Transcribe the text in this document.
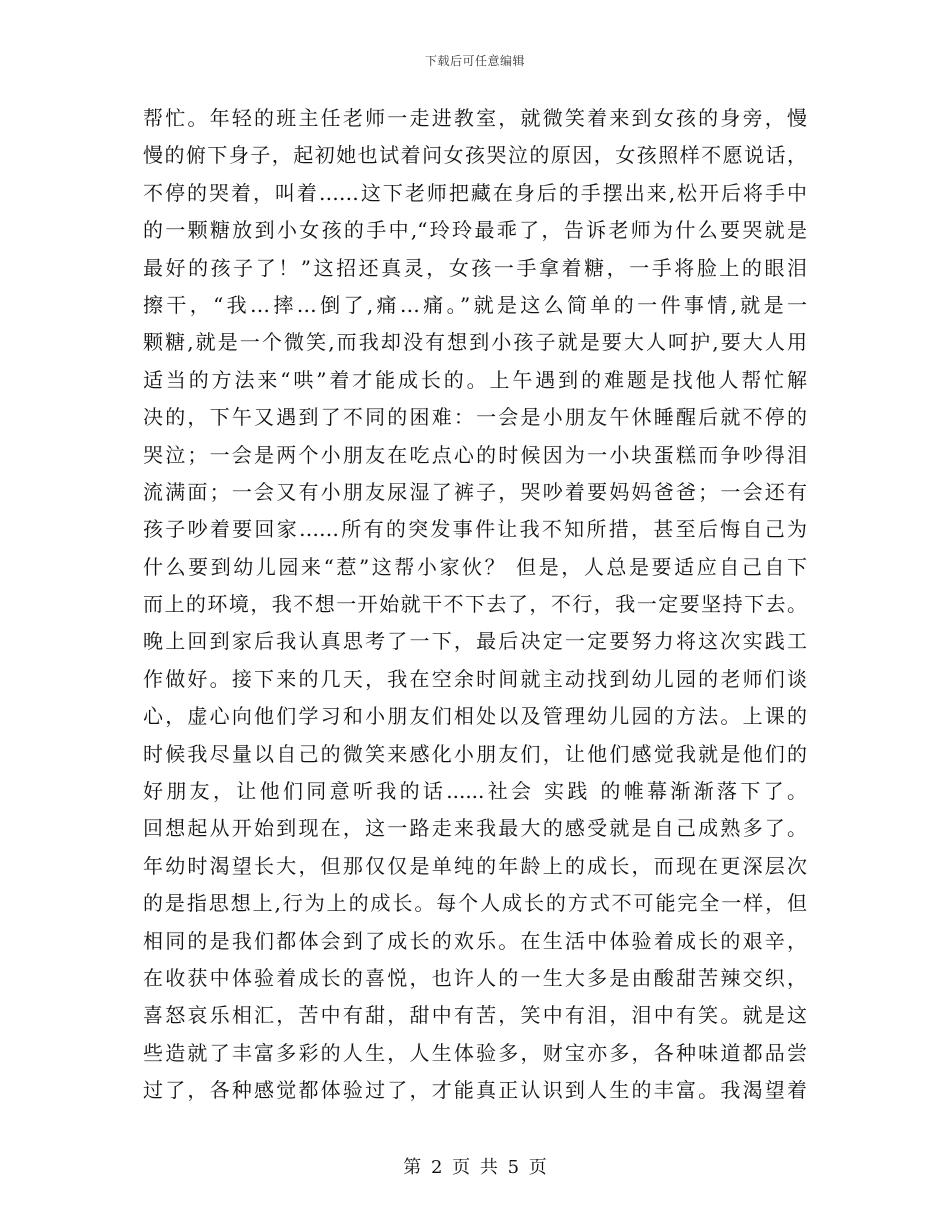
下载后可任意编辑
帮忙。年轻的班主任老师一走进教室，就微笑着来到女孩的身旁，慢
慢的俯下身子，起初她也试着问女孩哭泣的原因，女孩照样不愿说话，
不停的哭着，叫着……这下老师把藏在身后的手摆出来,松开后将手中
的一颗糖放到小女孩的手中,“玲玲最乖了，告诉老师为什么要哭就是
最好的孩子了！”这招还真灵，女孩一手拿着糖，一手将脸上的眼泪
擦干，“我…摔…倒了,痛…痛。”就是这么简单的一件事情,就是一
颗糖,就是一个微笑,而我却没有想到小孩子就是要大人呵护,要大人用
适当的方法来“哄”着才能成长的。上午遇到的难题是找他人帮忙解
决的，下午又遇到了不同的困难：一会是小朋友午休睡醒后就不停的
哭泣；一会是两个小朋友在吃点心的时候因为一小块蛋糕而争吵得泪
流满面；一会又有小朋友尿湿了裤子，哭吵着要妈妈爸爸；一会还有
孩子吵着要回家……所有的突发事件让我不知所措，甚至后悔自己为
什么要到幼儿园来“惹”这帮小家伙？ 但是，人总是要适应自己自下
而上的环境，我不想一开始就干不下去了，不行，我一定要坚持下去。
晚上回到家后我认真思考了一下，最后决定一定要努力将这次实践工
作做好。接下来的几天，我在空余时间就主动找到幼儿园的老师们谈
心，虚心向他们学习和小朋友们相处以及管理幼儿园的方法。上课的
时候我尽量以自己的微笑来感化小朋友们，让他们感觉我就是他们的
好朋友，让他们同意听我的话......社会 实践 的帷幕渐渐落下了。
回想起从开始到现在，这一路走来我最大的感受就是自己成熟多了。
年幼时渴望长大，但那仅仅是单纯的年龄上的成长，而现在更深层次
的是指思想上,行为上的成长。每个人成长的方式不可能完全一样，但
相同的是我们都体会到了成长的欢乐。在生活中体验着成长的艰辛，
在收获中体验着成长的喜悦，也许人的一生大多是由酸甜苦辣交织，
喜怒哀乐相汇，苦中有甜，甜中有苦，笑中有泪，泪中有笑。就是这
些造就了丰富多彩的人生，人生体验多，财宝亦多，各种味道都品尝
过了，各种感觉都体验过了，才能真正认识到人生的丰富。我渴望着
第 2 页 共 5 页
